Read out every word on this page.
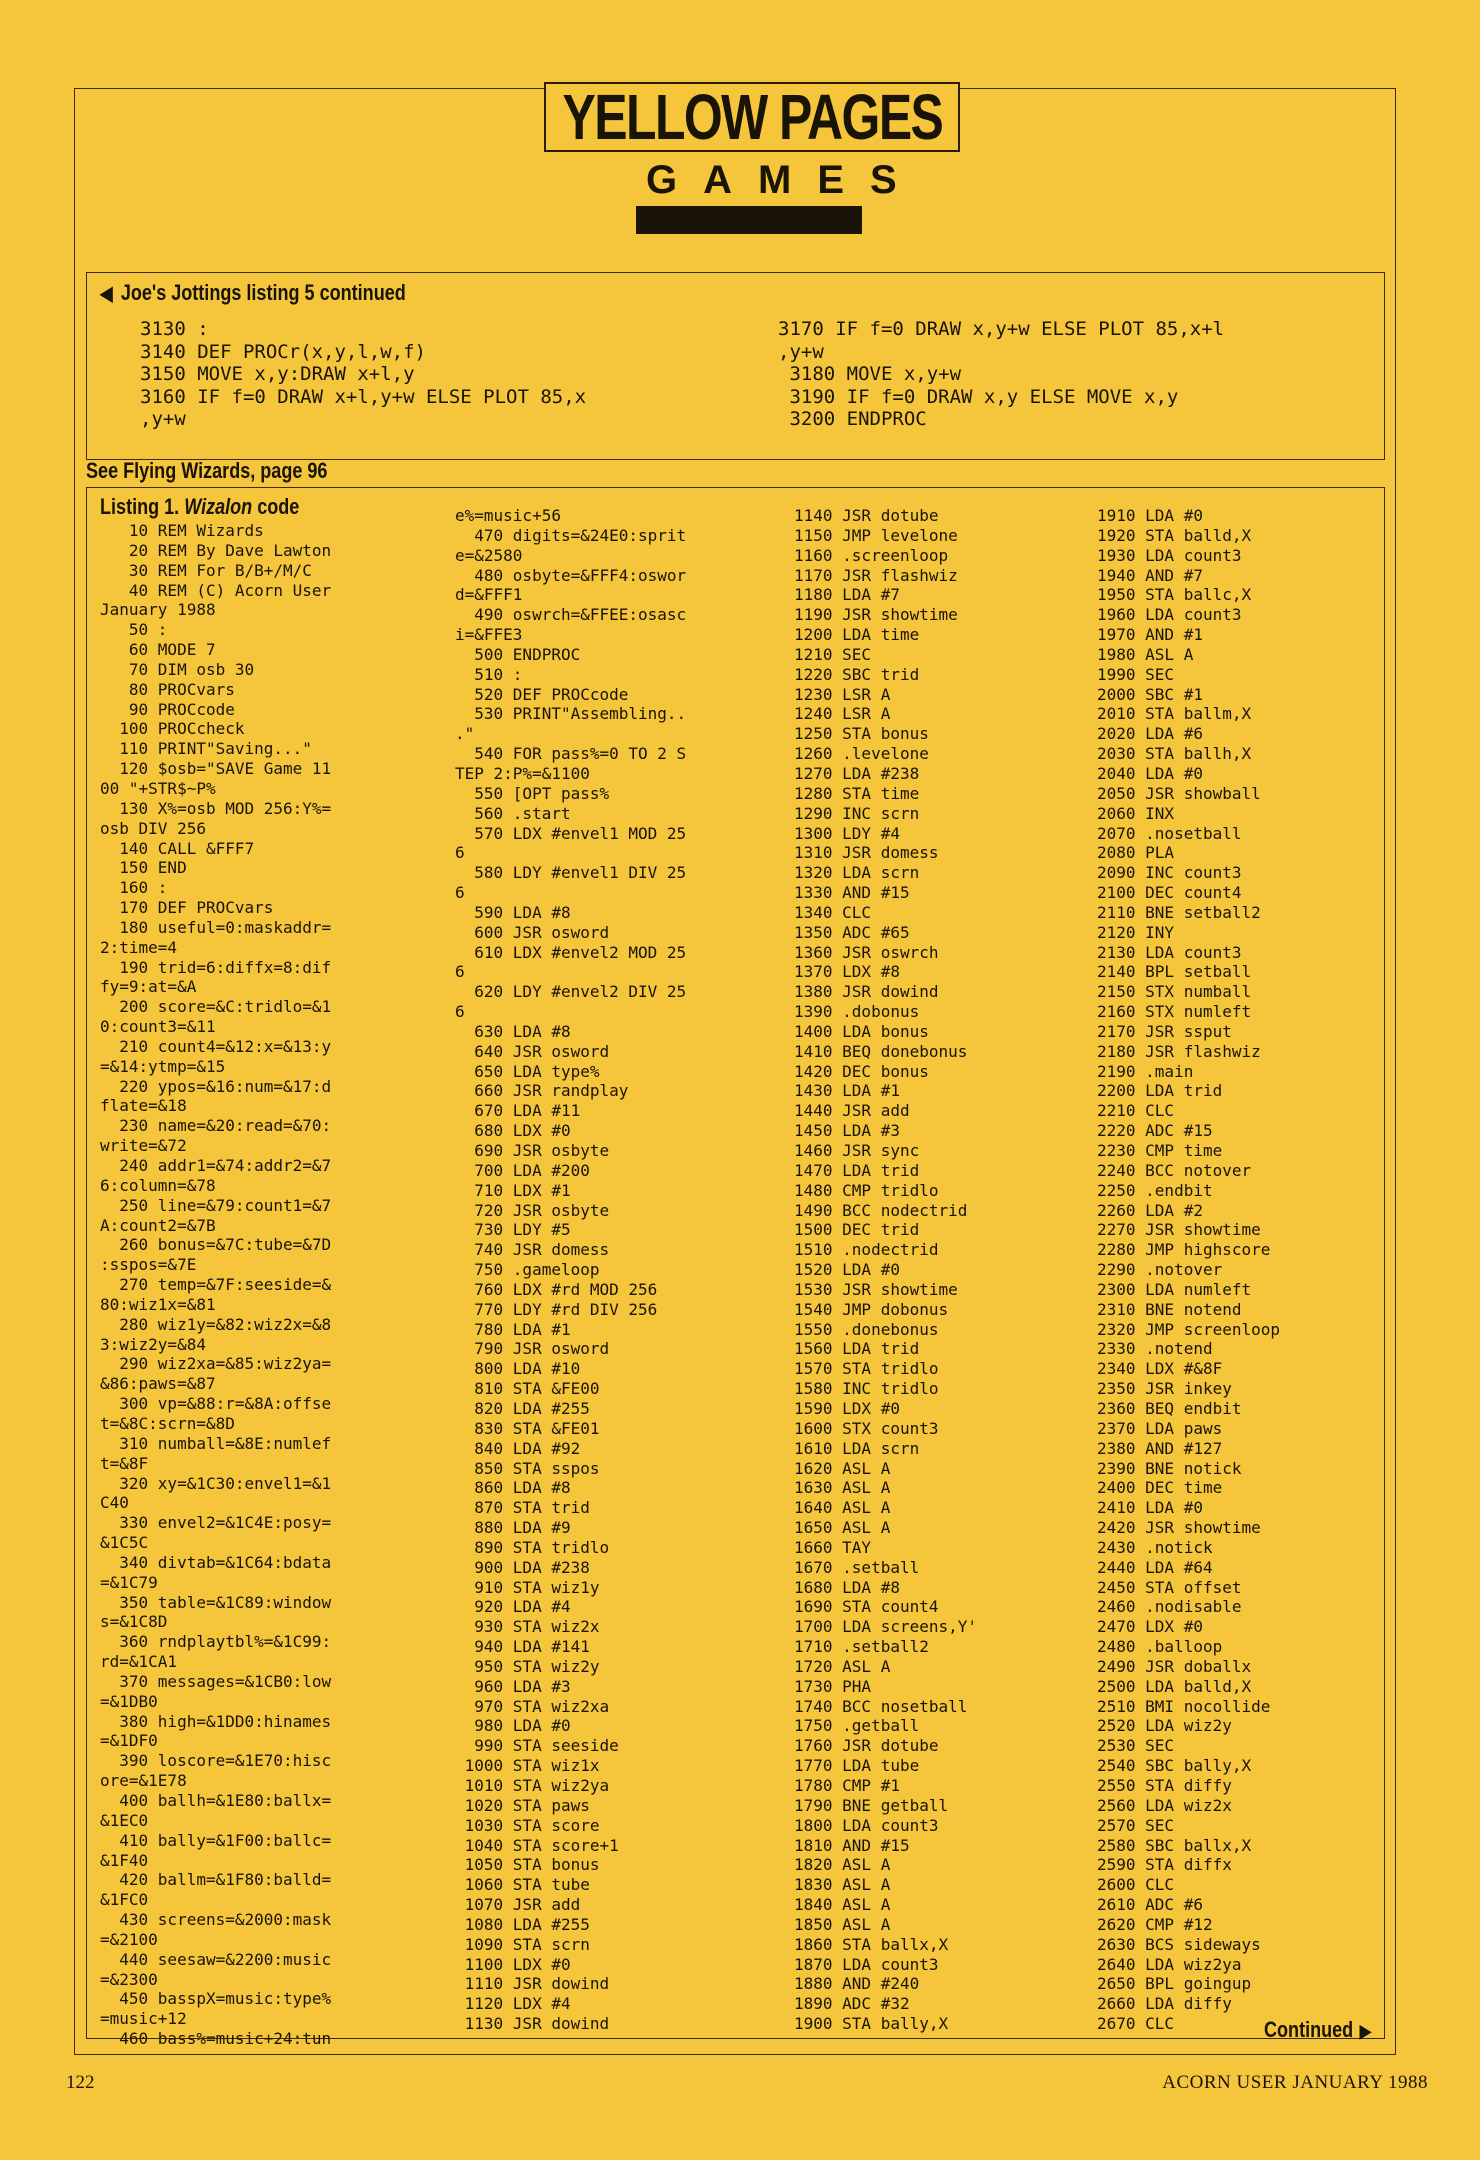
YELLOW PAGES
GAMES
◀ Joe's Jottings listing 5 continued
3130 :
3140 DEF PROCr(x,y,l,w,f)
3150 MOVE x,y:DRAW x+l,y
3160 IF f=0 DRAW x+l,y+w ELSE PLOT 85,x
,y+w
3170 IF f=0 DRAW x,y+w ELSE PLOT 85,x+l
,y+w
3180 MOVE x,y+w
3190 IF f=0 DRAW x,y ELSE MOVE x,y
3200 ENDPROC
See Flying Wizards, page 96
Listing 1. Wizalon code
10 REM Wizards
20 REM By Dave Lawton
30 REM For B/B+/M/C
40 REM (C) Acorn User
January 1988
50 :
60 MODE 7
70 DIM osb 30
80 PROCvars
90 PROCcode
100 PROCcheck
110 PRINT"Saving..."
120 $osb="SAVE Game 11
00 "+STR$~P%
130 X%=osb MOD 256:Y%=
osb DIV 256
140 CALL &FFF7
150 END
160 :
170 DEF PROCvars
180 useful=0:maskaddr=
2:time=4
190 trid=6:diffx=8:dif
fy=9:at=&A
200 score=&C:tridlo=&1
0:count3=&11
210 count4=&12:x=&13:y
=&14:ytmp=&15
220 ypos=&16:num=&17:d
flate=&18
230 name=&20:read=&70:
write=&72
240 addr1=&74:addr2=&7
6:column=&78
250 line=&79:count1=&7
A:count2=&7B
260 bonus=&7C:tube=&7D
:sspos=&7E
270 temp=&7F:seeside=&
80:wiz1x=&81
280 wiz1y=&82:wiz2x=&8
3:wiz2y=&84
290 wiz2xa=&85:wiz2ya=
&86:paws=&87
300 vp=&88:r=&8A:offse
t=&8C:scrn=&8D
310 numball=&8E:numlef
t=&8F
320 xy=&1C30:envel1=&1
C40
330 envel2=&1C4E:posy=
&1C5C
340 divtab=&1C64:bdata
=&1C79
350 table=&1C89:window
s=&1C8D
360 rndplaytbl%=&1C99:
rd=&1CA1
370 messages=&1CB0:low
=&1DB0
380 high=&1DD0:hinames
=&1DF0
390 loscore=&1E70:hisc
ore=&1E78
400 ballh=&1E80:ballx=
&1EC0
410 bally=&1F00:ballc=
&1F40
420 ballm=&1F80:balld=
&1FC0
430 screens=&2000:mask
=&2100
440 seesaw=&2200:music
=&2300
450 basspX=music:type%
=music+12
460 bass%=music+24:tun
e%=music+56
470 digits=&24E0:sprit
e=&2580
480 osbyte=&FFF4:oswor
d=&FFF1
490 oswrch=&FFEE:osasc
i=&FFE3
500 ENDPROC
510 :
520 DEF PROCcode
530 PRINT"Assembling..
."
540 FOR pass%=0 TO 2 S
TEP 2:P%=&1100
550 [OPT pass%
560 .start
570 LDX #envel1 MOD 25
6
580 LDY #envel1 DIV 25
6
590 LDA #8
600 JSR osword
610 LDX #envel2 MOD 25
6
620 LDY #envel2 DIV 25
6
630 LDA #8
640 JSR osword
650 LDA type%
660 JSR randplay
670 LDA #11
680 LDX #0
690 JSR osbyte
700 LDA #200
710 LDX #1
720 JSR osbyte
730 LDY #5
740 JSR domess
750 .gameloop
760 LDX #rd MOD 256
770 LDY #rd DIV 256
780 LDA #1
790 JSR osword
800 LDA #10
810 STA &FE00
820 LDA #255
830 STA &FE01
840 LDA #92
850 STA sspos
860 LDA #8
870 STA trid
880 LDA #9
890 STA tridlo
900 LDA #238
910 STA wiz1y
920 LDA #4
930 STA wiz2x
940 LDA #141
950 STA wiz2y
960 LDA #3
970 STA wiz2xa
980 LDA #0
990 STA seeside
1000 STA wiz1x
1010 STA wiz2ya
1020 STA paws
1030 STA score
1040 STA score+1
1050 STA bonus
1060 STA tube
1070 JSR add
1080 LDA #255
1090 STA scrn
1100 LDX #0
1110 JSR dowind
1120 LDX #4
1130 JSR dowind
1140 JSR dotube
1150 JMP levelone
1160 .screenloop
1170 JSR flashwiz
1180 LDA #7
1190 JSR showtime
1200 LDA time
1210 SEC
1220 SBC trid
1230 LSR A
1240 LSR A
1250 STA bonus
1260 .levelone
1270 LDA #238
1280 STA time
1290 INC scrn
1300 LDY #4
1310 JSR domess
1320 LDA scrn
1330 AND #15
1340 CLC
1350 ADC #65
1360 JSR oswrch
1370 LDX #8
1380 JSR dowind
1390 .dobonus
1400 LDA bonus
1410 BEQ donebonus
1420 DEC bonus
1430 LDA #1
1440 JSR add
1450 LDA #3
1460 JSR sync
1470 LDA trid
1480 CMP tridlo
1490 BCC nodectrid
1500 DEC trid
1510 .nodectrid
1520 LDA #0
1530 JSR showtime
1540 JMP dobonus
1550 .donebonus
1560 LDA trid
1570 STA tridlo
1580 INC tridlo
1590 LDX #0
1600 STX count3
1610 LDA scrn
1620 ASL A
1630 ASL A
1640 ASL A
1650 ASL A
1660 TAY
1670 .setball
1680 LDA #8
1690 STA count4
1700 LDA screens,Y'
1710 .setball2
1720 ASL A
1730 PHA
1740 BCC nosetball
1750 .getball
1760 JSR dotube
1770 LDA tube
1780 CMP #1
1790 BNE getball
1800 LDA count3
1810 AND #15
1820 ASL A
1830 ASL A
1840 ASL A
1850 ASL A
1860 STA ballx,X
1870 LDA count3
1880 AND #240
1890 ADC #32
1900 STA bally,X
1910 LDA #0
1920 STA balld,X
1930 LDA count3
1940 AND #7
1950 STA ballc,X
1960 LDA count3
1970 AND #1
1980 ASL A
1990 SEC
2000 SBC #1
2010 STA ballm,X
2020 LDA #6
2030 STA ballh,X
2040 LDA #0
2050 JSR showball
2060 INX
2070 .nosetball
2080 PLA
2090 INC count3
2100 DEC count4
2110 BNE setball2
2120 INY
2130 LDA count3
2140 BPL setball
2150 STX numball
2160 STX numleft
2170 JSR ssput
2180 JSR flashwiz
2190 .main
2200 LDA trid
2210 CLC
2220 ADC #15
2230 CMP time
2240 BCC notover
2250 .endbit
2260 LDA #2
2270 JSR showtime
2280 JMP highscore
2290 .notover
2300 LDA numleft
2310 BNE notend
2320 JMP screenloop
2330 .notend
2340 LDX #&8F
2350 JSR inkey
2360 BEQ endbit
2370 LDA paws
2380 AND #127
2390 BNE notick
2400 DEC time
2410 LDA #0
2420 JSR showtime
2430 .notick
2440 LDA #64
2450 STA offset
2460 .nodisable
2470 LDX #0
2480 .balloop
2490 JSR doballx
2500 LDA balld,X
2510 BMI nocollide
2520 LDA wiz2y
2530 SEC
2540 SBC bally,X
2550 STA diffy
2560 LDA wiz2x
2570 SEC
2580 SBC ballx,X
2590 STA diffx
2600 CLC
2610 ADC #6
2620 CMP #12
2630 BCS sideways
2640 LDA wiz2ya
2650 BPL goingup
2660 LDA diffy
2670 CLC	Continued ▶
122	ACORN USER JANUARY 1988
